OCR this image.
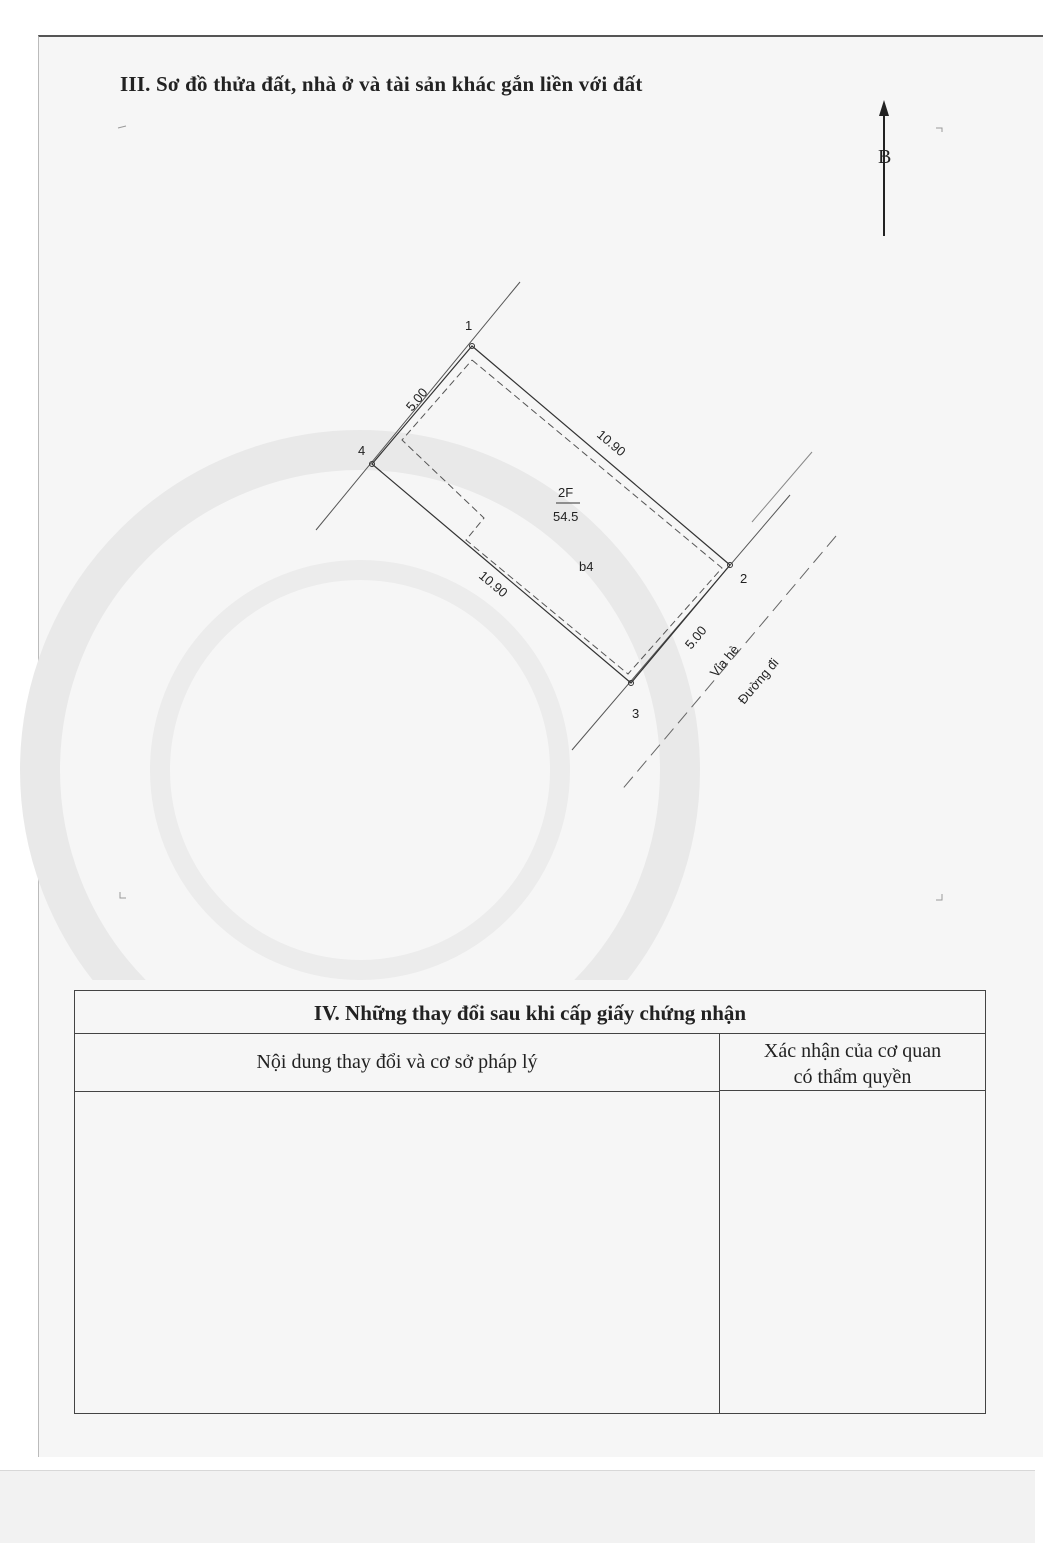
III. Sơ đồ thửa đất, nhà ở và tài sản khác gắn liền với đất
B
1
2
3
4	10.90
10.90
5.00
5.00
2F
54.5
b4
Vỉa hè
Đường đi
IV. Những thay đổi sau khi cấp giấy chứng nhận
Nội dung thay đổi và cơ sở pháp lý	Xác nhận của cơ quan
có thẩm quyền
